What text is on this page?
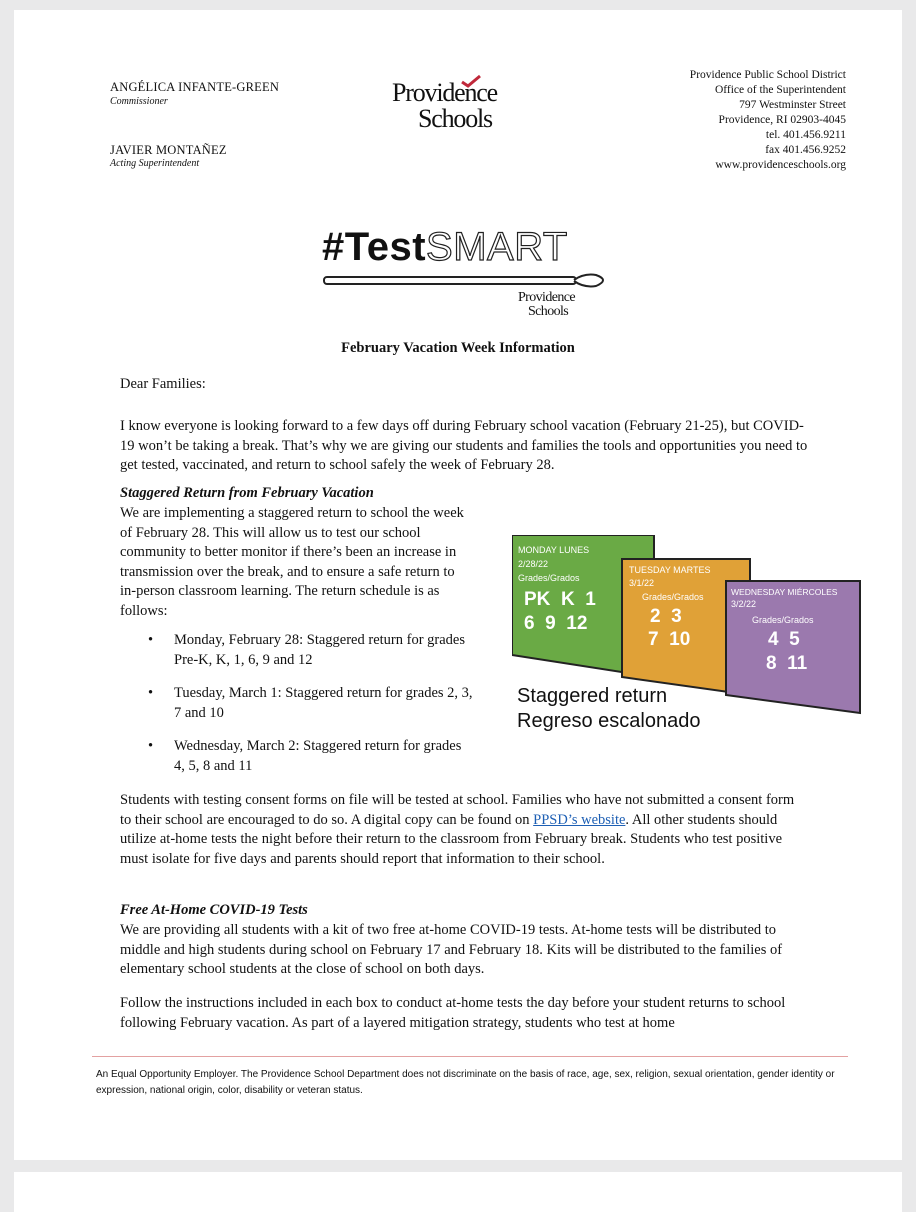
ANGÉLICA INFANTE-GREEN
Commissioner
JAVIER MONTAÑEZ
Acting Superintendent
Providence
Schools
Providence Public School District
Office of the Superintendent
797 Westminster Street
Providence, RI 02903-4045
tel. 401.456.9211
fax 401.456.9252
www.providenceschools.org
#TestSMART
Providence
Schools
February Vacation Week Information
Dear Families:
I know everyone is looking forward to a few days off during February school vacation (February 21-25), but COVID-19 won’t be taking a break. That’s why we are giving our students and families the tools and opportunities you need to get tested, vaccinated, and return to school safely the week of February 28.
Staggered Return from February Vacation
We are implementing a staggered return to school the week of February 28. This will allow us to test our school community to better monitor if there’s been an increase in transmission over the break, and to ensure a safe return to in-person classroom learning. The return schedule is as follows:
• Monday, February 28: Staggered return for grades Pre-K, K, 1, 6, 9 and 12
• Tuesday, March 1: Staggered return for grades 2, 3, 7 and 10
• Wednesday, March 2: Staggered return for grades 4, 5, 8 and 11
MONDAY LUNES
2/28/22
Grades/Grados
PK  K  1
6  9  12
TUESDAY MARTES
3/1/22
Grades/Grados
2  3
7  10
WEDNESDAY MIÉRCOLES
3/2/22
Grades/Grados
4  5
8  11
Staggered return
Regreso escalonado
Students with testing consent forms on file will be tested at school. Families who have not submitted a consent form to their school are encouraged to do so. A digital copy can be found on PPSD’s website. All other students should utilize at-home tests the night before their return to the classroom from February break. Students who test positive must isolate for five days and parents should report that information to their school.
Free At-Home COVID-19 Tests
We are providing all students with a kit of two free at-home COVID-19 tests. At-home tests will be distributed to middle and high students during school on February 17 and February 18. Kits will be distributed to the families of elementary school students at the close of school on both days.
Follow the instructions included in each box to conduct at-home tests the day before your student returns to school following February vacation. As part of a layered mitigation strategy, students who test at home
An Equal Opportunity Employer. The Providence School Department does not discriminate on the basis of race, age, sex, religion, sexual orientation, gender identity or expression, national origin, color, disability or veteran status.
